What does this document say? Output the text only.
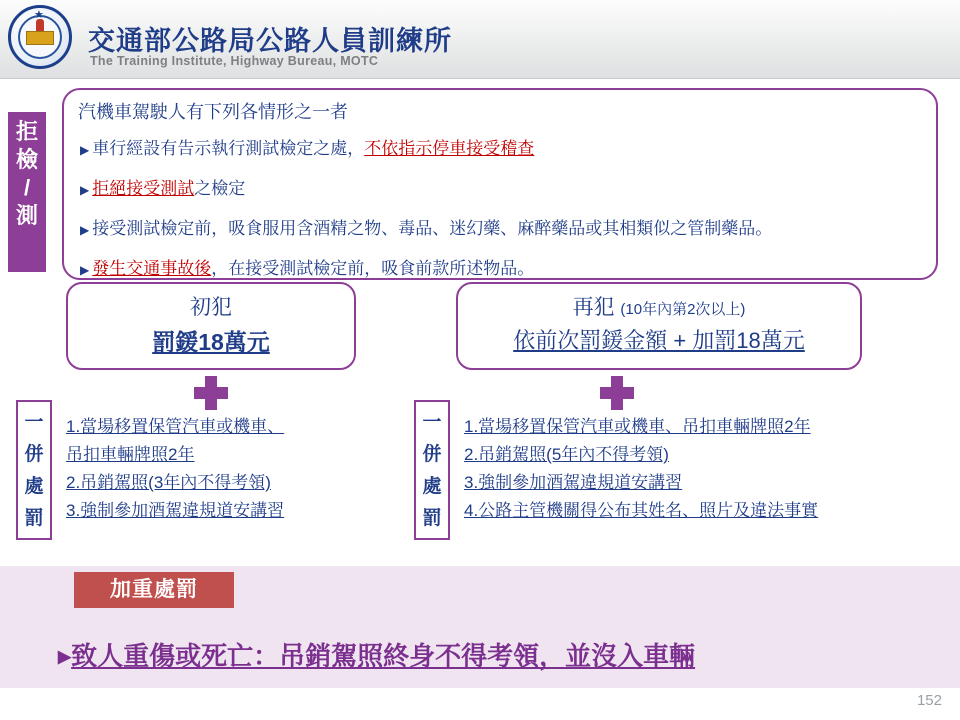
★
交通部公路局公路人員訓練所
The Training Institute, Highway Bureau, MOTC
拒
檢
/
測
汽機車駕駛人有下列各情形之一者
▶ 車行經設有告示執行測試檢定之處，不依指示停車接受稽查
▶ 拒絕接受測試之檢定
▶ 接受測試檢定前，吸食服用含酒精之物、毒品、迷幻藥、麻醉藥品或其相類似之管制藥品。
▶ 發生交通事故後，在接受測試檢定前，吸食前款所述物品。
初犯
罰鍰18萬元
再犯 (10年內第2次以上)
依前次罰鍰金額 + 加罰18萬元
一
併
處
罰
一
併
處
罰
1.當場移置保管汽車或機車、
吊扣車輛牌照2年
2.吊銷駕照(3年內不得考領)
3.強制參加酒駕違規道安講習
1.當場移置保管汽車或機車、吊扣車輛牌照2年
2.吊銷駕照(5年內不得考領)
3.強制參加酒駕違規道安講習
4.公路主管機關得公布其姓名、照片及違法事實
加重處罰
▶致人重傷或死亡：吊銷駕照終身不得考領，並沒入車輛
152
